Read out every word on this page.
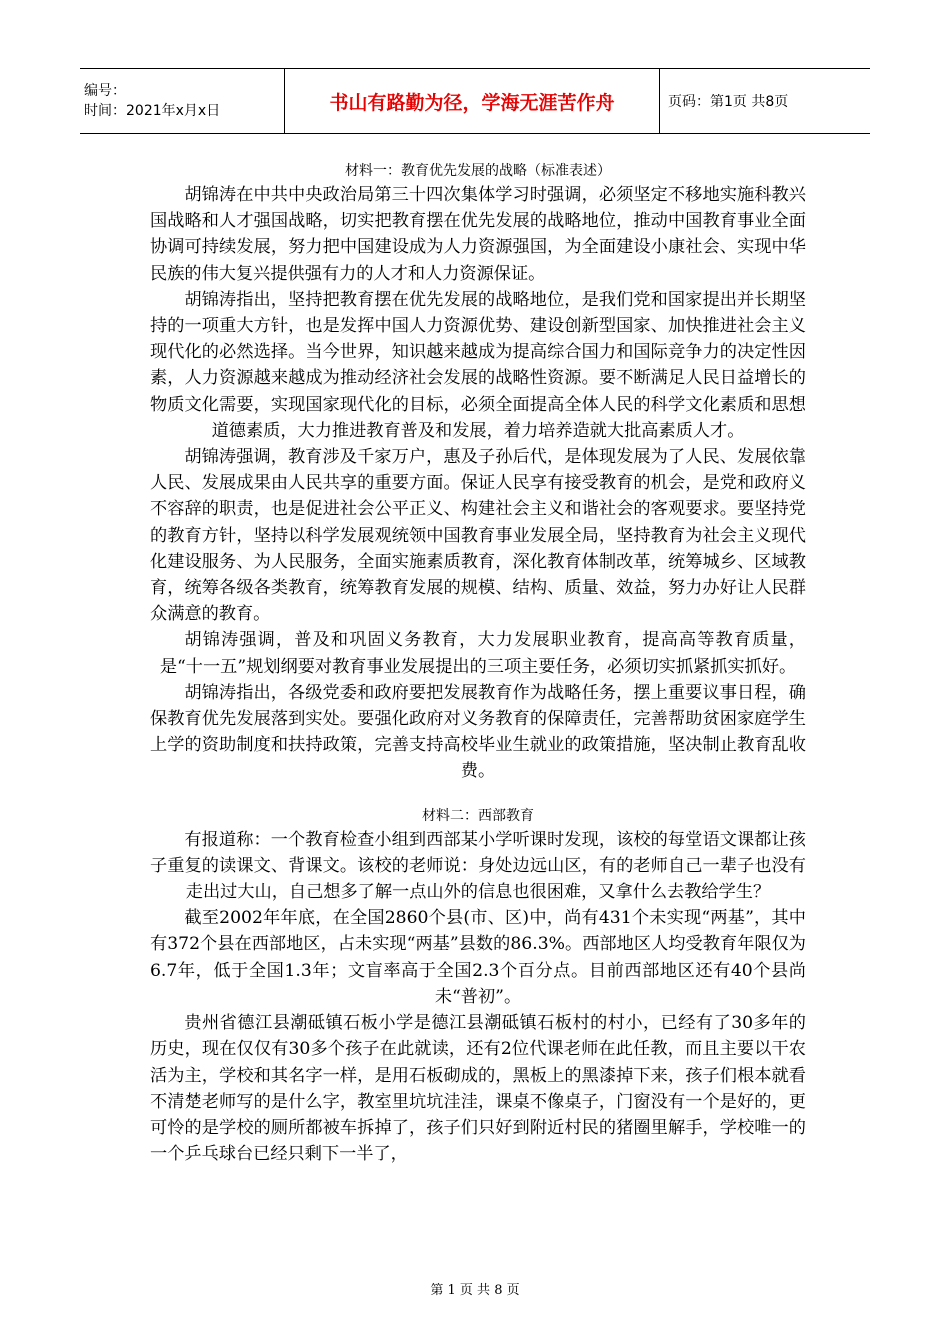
编号：
时间：2021年x月x日	书山有路勤为径，学海无涯苦作舟	页码：第1页 共8页

材料一：教育优先发展的战略（标准表述）

胡锦涛在中共中央政治局第三十四次集体学习时强调，必须坚定不移地实施科教兴国战略和人才强国战略，切实把教育摆在优先发展的战略地位，推动中国教育事业全面协调可持续发展，努力把中国建设成为人力资源强国，为全面建设小康社会、实现中华民族的伟大复兴提供强有力的人才和人力资源保证。

胡锦涛指出，坚持把教育摆在优先发展的战略地位，是我们党和国家提出并长期坚持的一项重大方针，也是发挥中国人力资源优势、建设创新型国家、加快推进社会主义现代化的必然选择。当今世界，知识越来越成为提高综合国力和国际竞争力的决定性因素，人力资源越来越成为推动经济社会发展的战略性资源。要不断满足人民日益增长的物质文化需要，实现国家现代化的目标，必须全面提高全体人民的科学文化素质和思想道德素质，大力推进教育普及和发展，着力培养造就大批高素质人才。

胡锦涛强调，教育涉及千家万户，惠及子孙后代，是体现发展为了人民、发展依靠人民、发展成果由人民共享的重要方面。保证人民享有接受教育的机会，是党和政府义不容辞的职责，也是促进社会公平正义、构建社会主义和谐社会的客观要求。要坚持党的教育方针，坚持以科学发展观统领中国教育事业发展全局，坚持教育为社会主义现代化建设服务、为人民服务，全面实施素质教育，深化教育体制改革，统筹城乡、区域教育，统筹各级各类教育，统筹教育发展的规模、结构、质量、效益，努力办好让人民群众满意的教育。

胡锦涛强调，普及和巩固义务教育，大力发展职业教育，提高高等教育质量，是“十一五”规划纲要对教育事业发展提出的三项主要任务，必须切实抓紧抓实抓好。

胡锦涛指出，各级党委和政府要把发展教育作为战略任务，摆上重要议事日程，确保教育优先发展落到实处。要强化政府对义务教育的保障责任，完善帮助贫困家庭学生上学的资助制度和扶持政策，完善支持高校毕业生就业的政策措施，坚决制止教育乱收费。

材料二：西部教育

有报道称：一个教育检查小组到西部某小学听课时发现，该校的每堂语文课都让孩子重复的读课文、背课文。该校的老师说：身处边远山区，有的老师自己一辈子也没有走出过大山，自己想多了解一点山外的信息也很困难，又拿什么去教给学生？

截至2002年年底，在全国2860个县(市、区)中，尚有431个未实现“两基”，其中有372个县在西部地区，占未实现“两基”县数的86.3%。西部地区人均受教育年限仅为6.7年，低于全国1.3年；文盲率高于全国2.3个百分点。目前西部地区还有40个县尚未“普初”。

贵州省德江县潮砥镇石板小学是德江县潮砥镇石板村的村小，已经有了30多年的历史，现在仅仅有30多个孩子在此就读，还有2位代课老师在此任教，而且主要以干农活为主，学校和其名字一样，是用石板砌成的，黑板上的黑漆掉下来，孩子们根本就看不清楚老师写的是什么字，教室里坑坑洼洼，课桌不像桌子，门窗没有一个是好的，更可怜的是学校的厕所都被车拆掉了，孩子们只好到附近村民的猪圈里解手，学校唯一的一个乒乓球台已经只剩下一半了，

第 1 页 共 8 页
